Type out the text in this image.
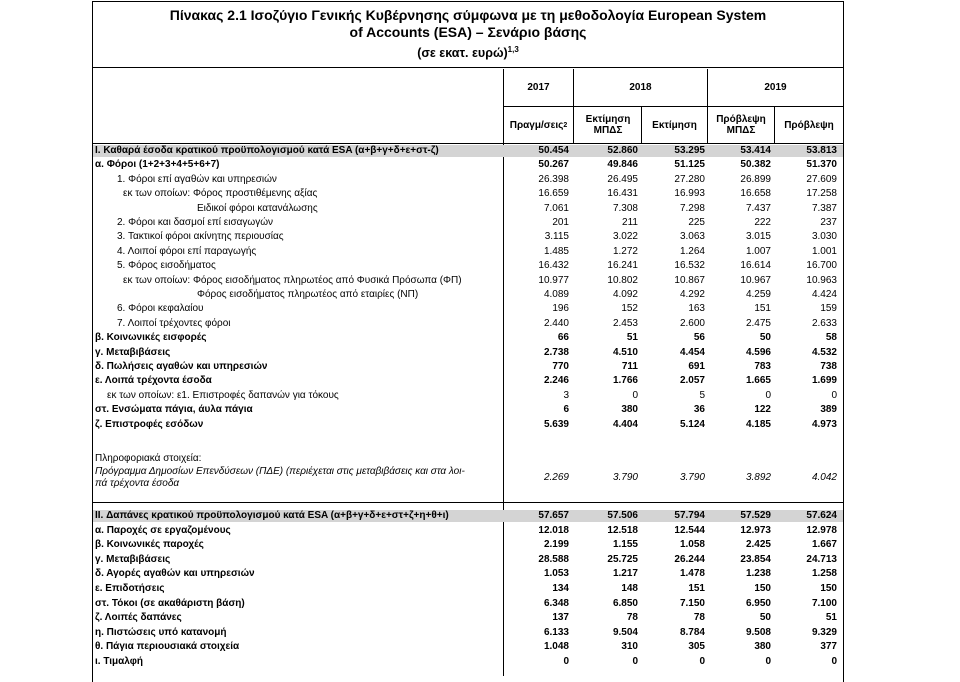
Πίνακας 2.1 Ισοζύγιο Γενικής Κυβέρνησης σύμφωνα με τη μεθοδολογία European System
of Accounts (ESA) – Σενάριο βάσης
(σε εκατ. ευρώ)$^{1,3}$
2017	2018	2019
Πραγμ/σεις 2	Εκτίμηση ΜΠΔΣ	Εκτίμηση	Πρόβλεψη ΜΠΔΣ	Πρόβλεψη
I. Καθαρά έσοδα κρατικού προϋπολογισμού κατά ESA (α+β+γ+δ+ε+στ-ζ)	50.454	52.860	53.295	53.414	53.813
α. Φόροι (1+2+3+4+5+6+7)	50.267	49.846	51.125	50.382	51.370
1. Φόροι επί αγαθών και υπηρεσιών	26.398	26.495	27.280	26.899	27.609
εκ των οποίων: Φόρος προστιθέμενης αξίας	16.659	16.431	16.993	16.658	17.258
Ειδικοί φόροι κατανάλωσης	7.061	7.308	7.298	7.437	7.387
2. Φόροι και δασμοί επί εισαγωγών	201	211	225	222	237
3. Τακτικοί φόροι ακίνητης περιουσίας	3.115	3.022	3.063	3.015	3.030
4. Λοιποί φόροι επί παραγωγής	1.485	1.272	1.264	1.007	1.001
5. Φόρος εισοδήματος	16.432	16.241	16.532	16.614	16.700
εκ των οποίων: Φόρος εισοδήματος πληρωτέος από Φυσικά Πρόσωπα (ΦΠ)	10.977	10.802	10.867	10.967	10.963
Φόρος εισοδήματος πληρωτέος από εταιρίες (ΝΠ)	4.089	4.092	4.292	4.259	4.424
6. Φόροι κεφαλαίου	196	152	163	151	159
7. Λοιποί τρέχοντες φόροι	2.440	2.453	2.600	2.475	2.633
β. Κοινωνικές εισφορές	66	51	56	50	58
γ. Μεταβιβάσεις	2.738	4.510	4.454	4.596	4.532
δ. Πωλήσεις αγαθών και υπηρεσιών	770	711	691	783	738
ε. Λοιπά τρέχοντα έσοδα	2.246	1.766	2.057	1.665	1.699
εκ των οποίων: ε1. Επιστροφές δαπανών για τόκους	3	0	5	0	0
στ. Ενσώματα πάγια, άυλα πάγια	6	380	36	122	389
ζ. Επιστροφές εσόδων	5.639	4.404	5.124	4.185	4.973
II. Δαπάνες κρατικού προϋπολογισμού κατά ESA (α+β+γ+δ+ε+στ+ζ+η+θ+ι)	57.657	57.506	57.794	57.529	57.624
α. Παροχές σε εργαζομένους	12.018	12.518	12.544	12.973	12.978
β. Κοινωνικές παροχές	2.199	1.155	1.058	2.425	1.667
γ. Μεταβιβάσεις	28.588	25.725	26.244	23.854	24.713
δ. Αγορές αγαθών και υπηρεσιών	1.053	1.217	1.478	1.238	1.258
ε. Επιδοτήσεις	134	148	151	150	150
στ. Τόκοι (σε ακαθάριστη βάση)	6.348	6.850	7.150	6.950	7.100
ζ. Λοιπές δαπάνες	137	78	78	50	51
η. Πιστώσεις υπό κατανομή	6.133	9.504	8.784	9.508	9.329
θ. Πάγια περιουσιακά στοιχεία	1.048	310	305	380	377
ι. Τιμαλφή	0	0	0	0	0
Πληροφοριακά στοιχεία:
Πρόγραμμα Δημοσίων Επενδύσεων (ΠΔΕ) (περιέχεται στις μεταβιβάσεις και στα λοι-
πά τρέχοντα έσοδα
2.269	3.790	3.790	3.892	4.042
